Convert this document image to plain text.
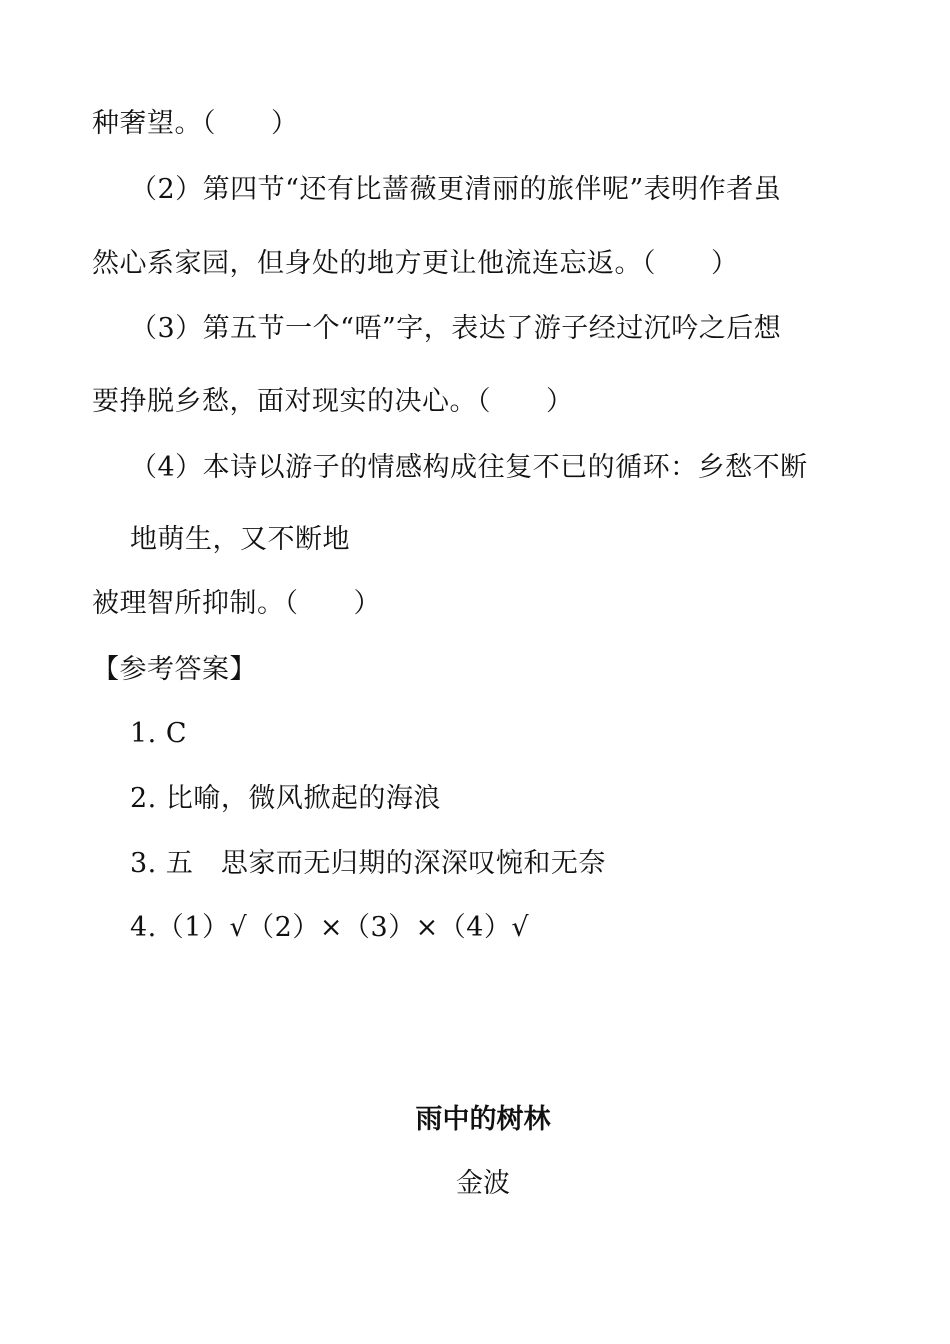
种奢望。（　　）
（2）第四节“还有比蔷薇更清丽的旅伴呢”表明作者虽
然心系家园，但身处的地方更让他流连忘返。（　　）
（3）第五节一个“唔”字，表达了游子经过沉吟之后想
要挣脱乡愁，面对现实的决心。（　　）
（4）本诗以游子的情感构成往复不已的循环：乡愁不断
地萌生，又不断地
被理智所抑制。（　　）
【参考答案】
1. C
2. 比喻，微风掀起的海浪
3. 五　思家而无归期的深深叹惋和无奈
4.（1）√（2）×（3）×（4）√
雨中的树林
金波
